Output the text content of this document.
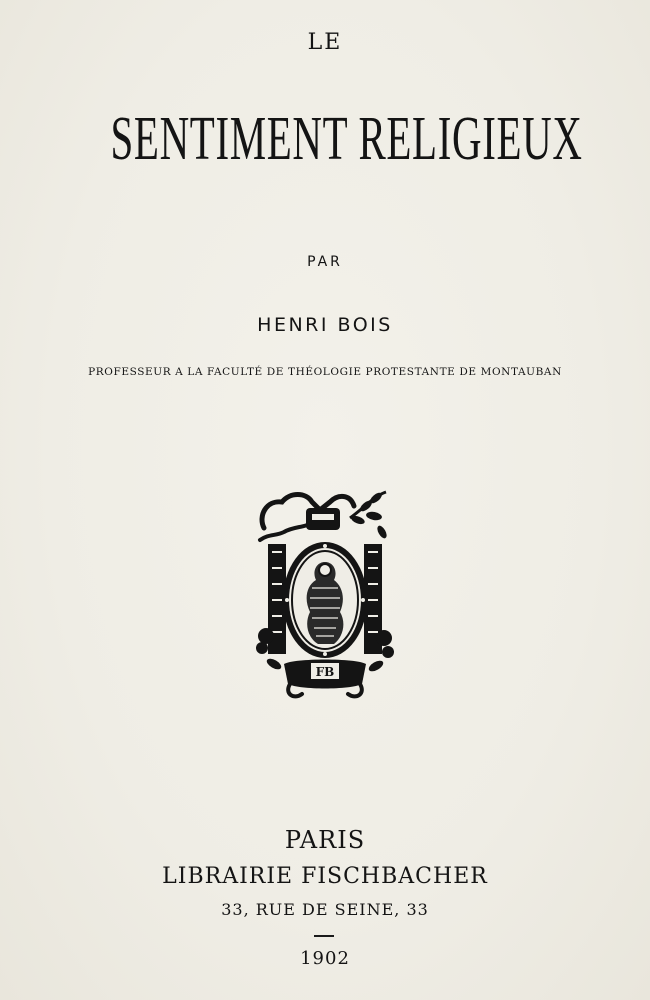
LE
SENTIMENT RELIGIEUX
PAR
HENRI BOIS
PROFESSEUR A LA FACULTÉ DE THÉOLOGIE PROTESTANTE DE MONTAUBAN
FB
PARIS
LIBRAIRIE FISCHBACHER
33, RUE DE SEINE, 33
1902
